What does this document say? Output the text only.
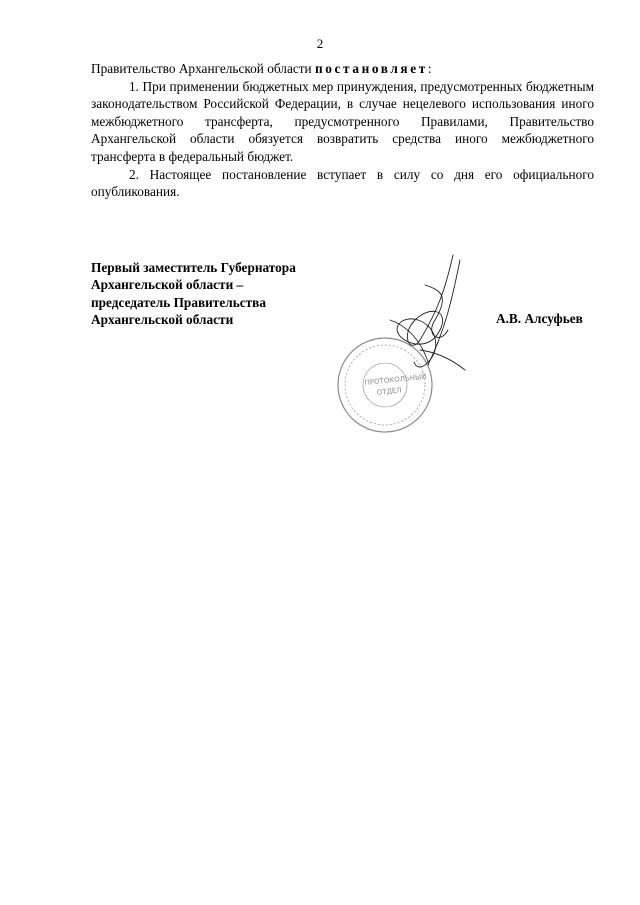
2

Правительство Архангельской области постановляет:

1. При применении бюджетных мер принуждения, предусмотренных бюджетным законодательством Российской Федерации, в случае нецелевого использования иного межбюджетного трансферта, предусмотренного Правилами, Правительство Архангельской области обязуется возвратить средства иного межбюджетного трансферта в федеральный бюджет.

2. Настоящее постановление вступает в силу со дня его официального опубликования.

Первый заместитель Губернатора
Архангельской области –
председатель Правительства
Архангельской области	А.В. Алсуфьев
ПРОТОКОЛЬНЫЙ
ОТДЕЛ
